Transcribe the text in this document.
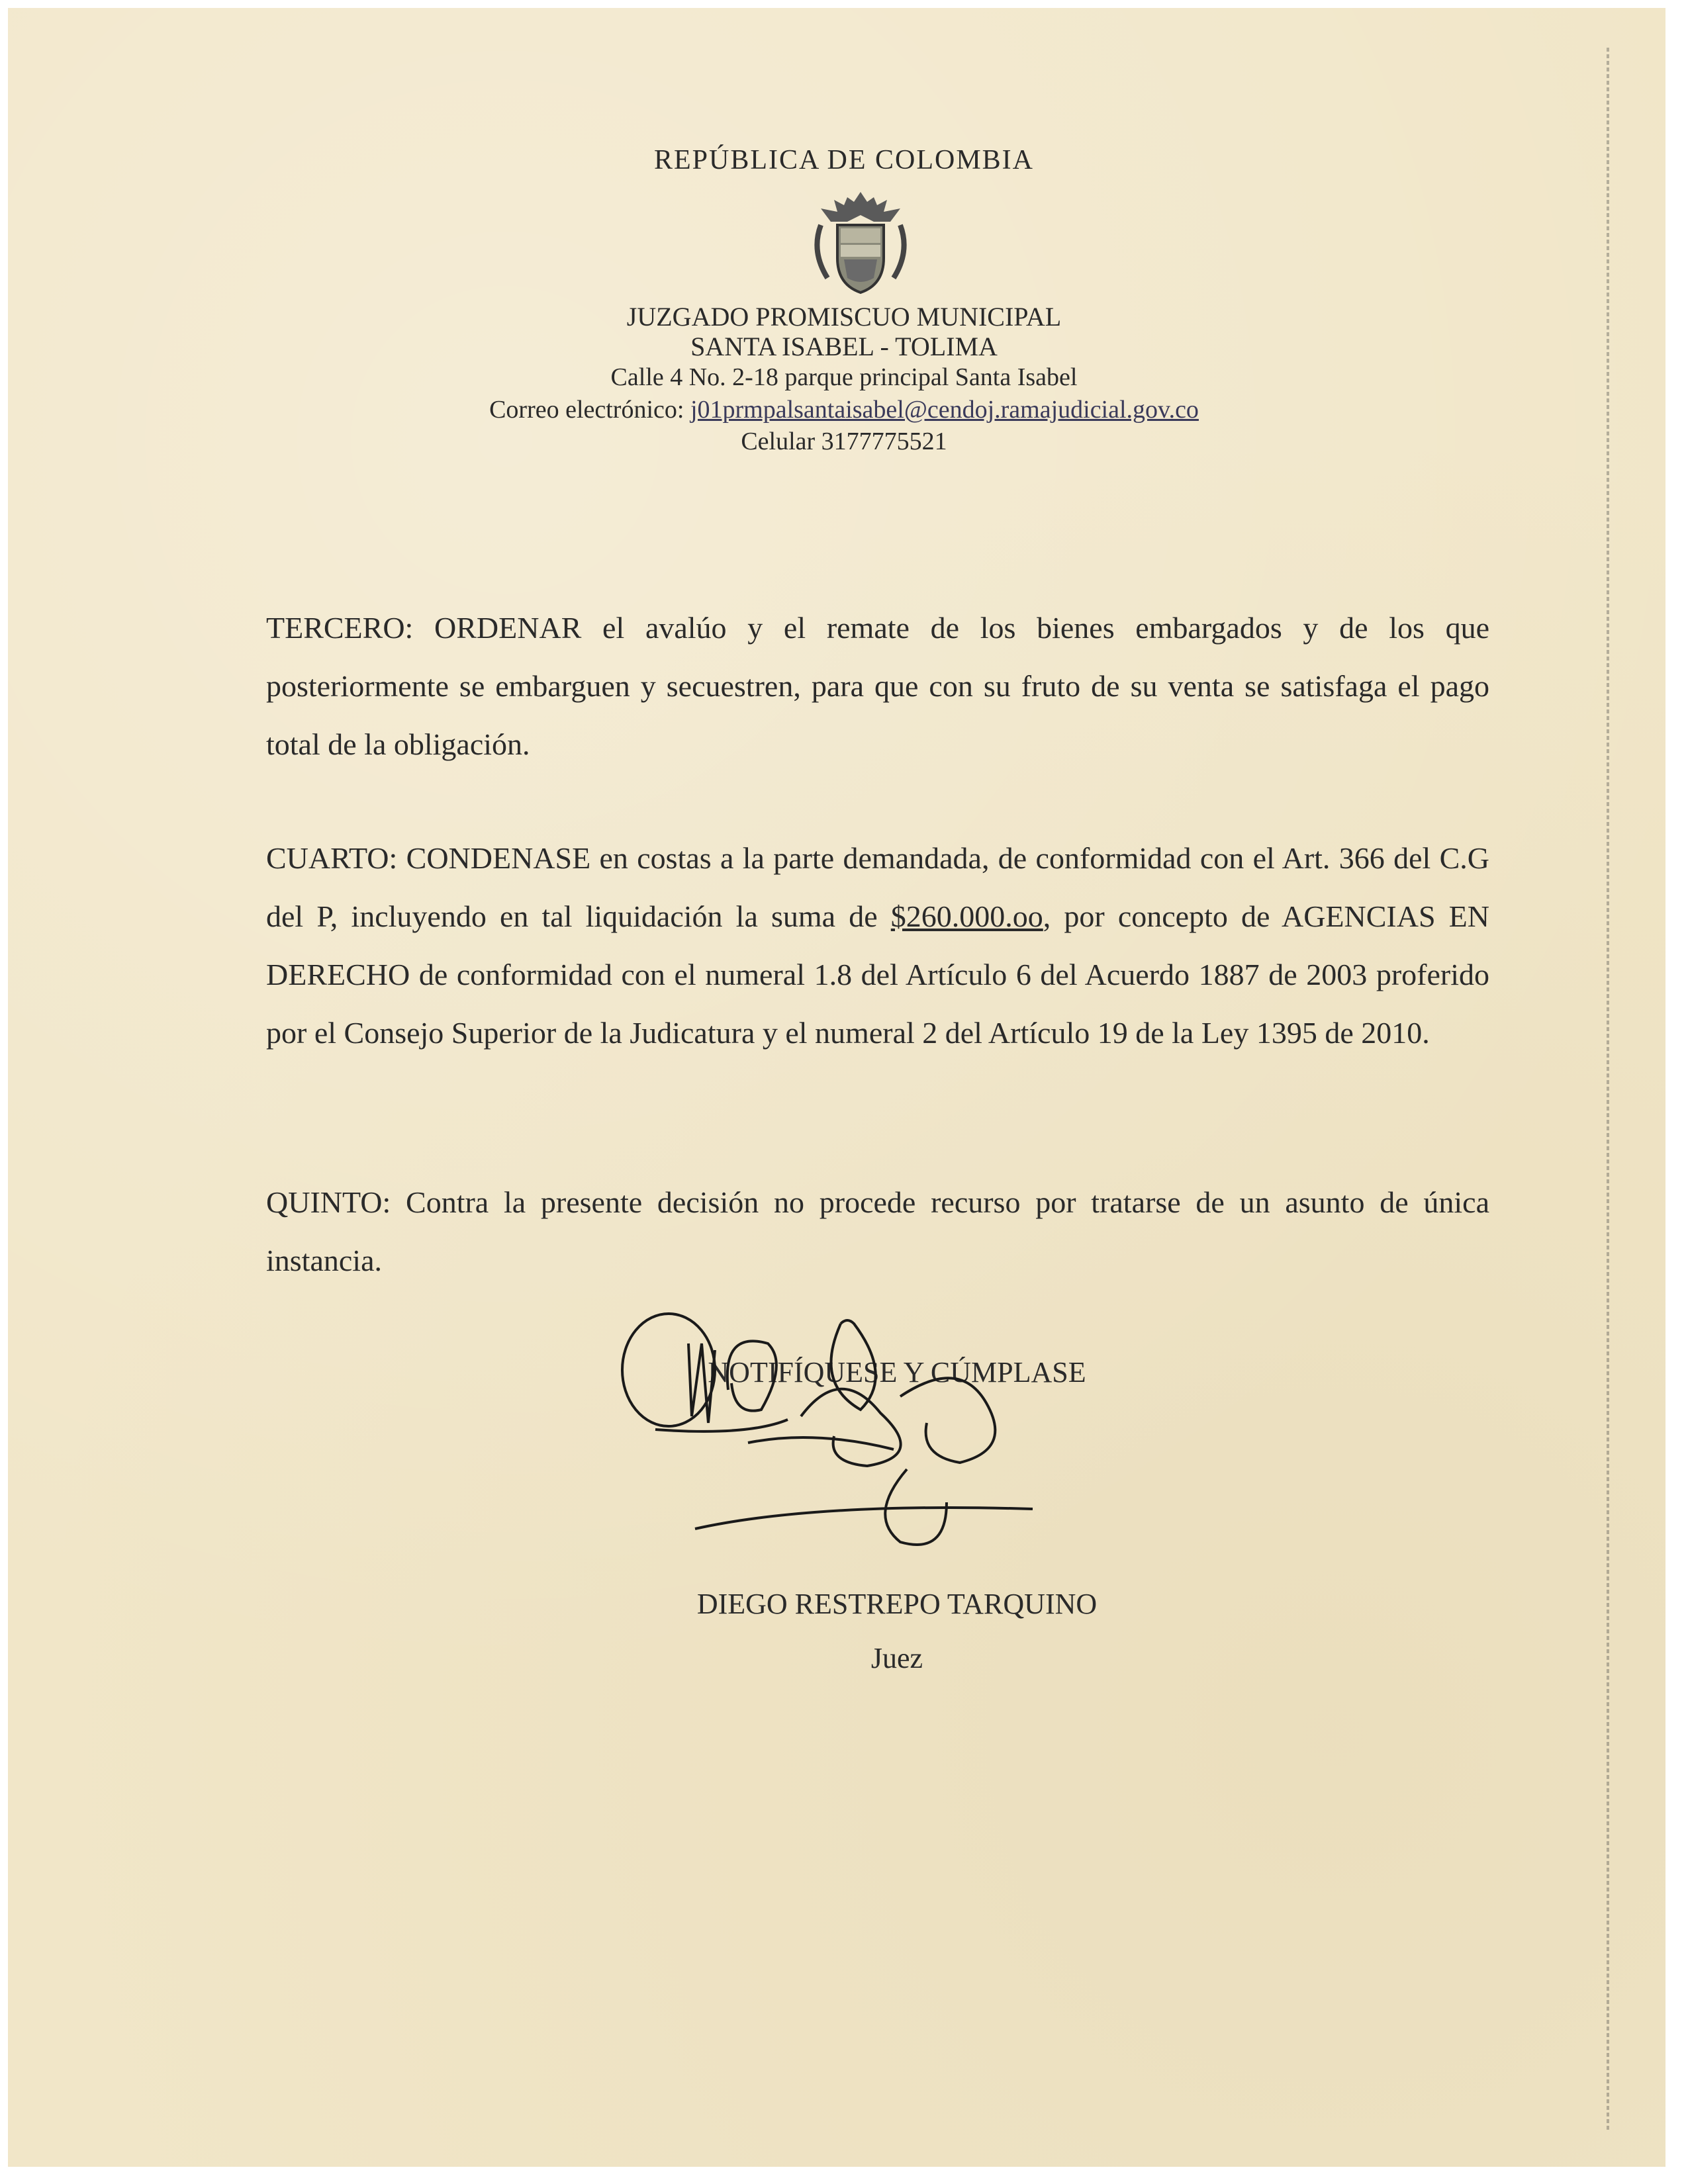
REPÚBLICA DE COLOMBIA
JUZGADO PROMISCUO MUNICIPAL
SANTA ISABEL - TOLIMA
Calle 4 No. 2-18 parque principal Santa Isabel
Correo electrónico: j01prmpalsantaisabel@cendoj.ramajudicial.gov.co
Celular 3177775521

TERCERO: ORDENAR el avalúo y el remate de los bienes embargados y de los que posteriormente se embarguen y secuestren, para que con su fruto de su venta se satisfaga el pago total de la obligación.

CUARTO: CONDENASE en costas a la parte demandada, de conformidad con el Art. 366 del C.G del P, incluyendo en tal liquidación la suma de $260.000.oo, por concepto de AGENCIAS EN DERECHO de conformidad con el numeral 1.8 del Artículo 6 del Acuerdo 1887 de 2003 proferido por el Consejo Superior de la Judicatura y el numeral 2 del Artículo 19 de la Ley 1395 de 2010.

QUINTO: Contra la presente decisión no procede recurso por tratarse de un asunto de única instancia.

NOTIFÍQUESE Y CÚMPLASE
DIEGO RESTREPO TARQUINO
Juez
